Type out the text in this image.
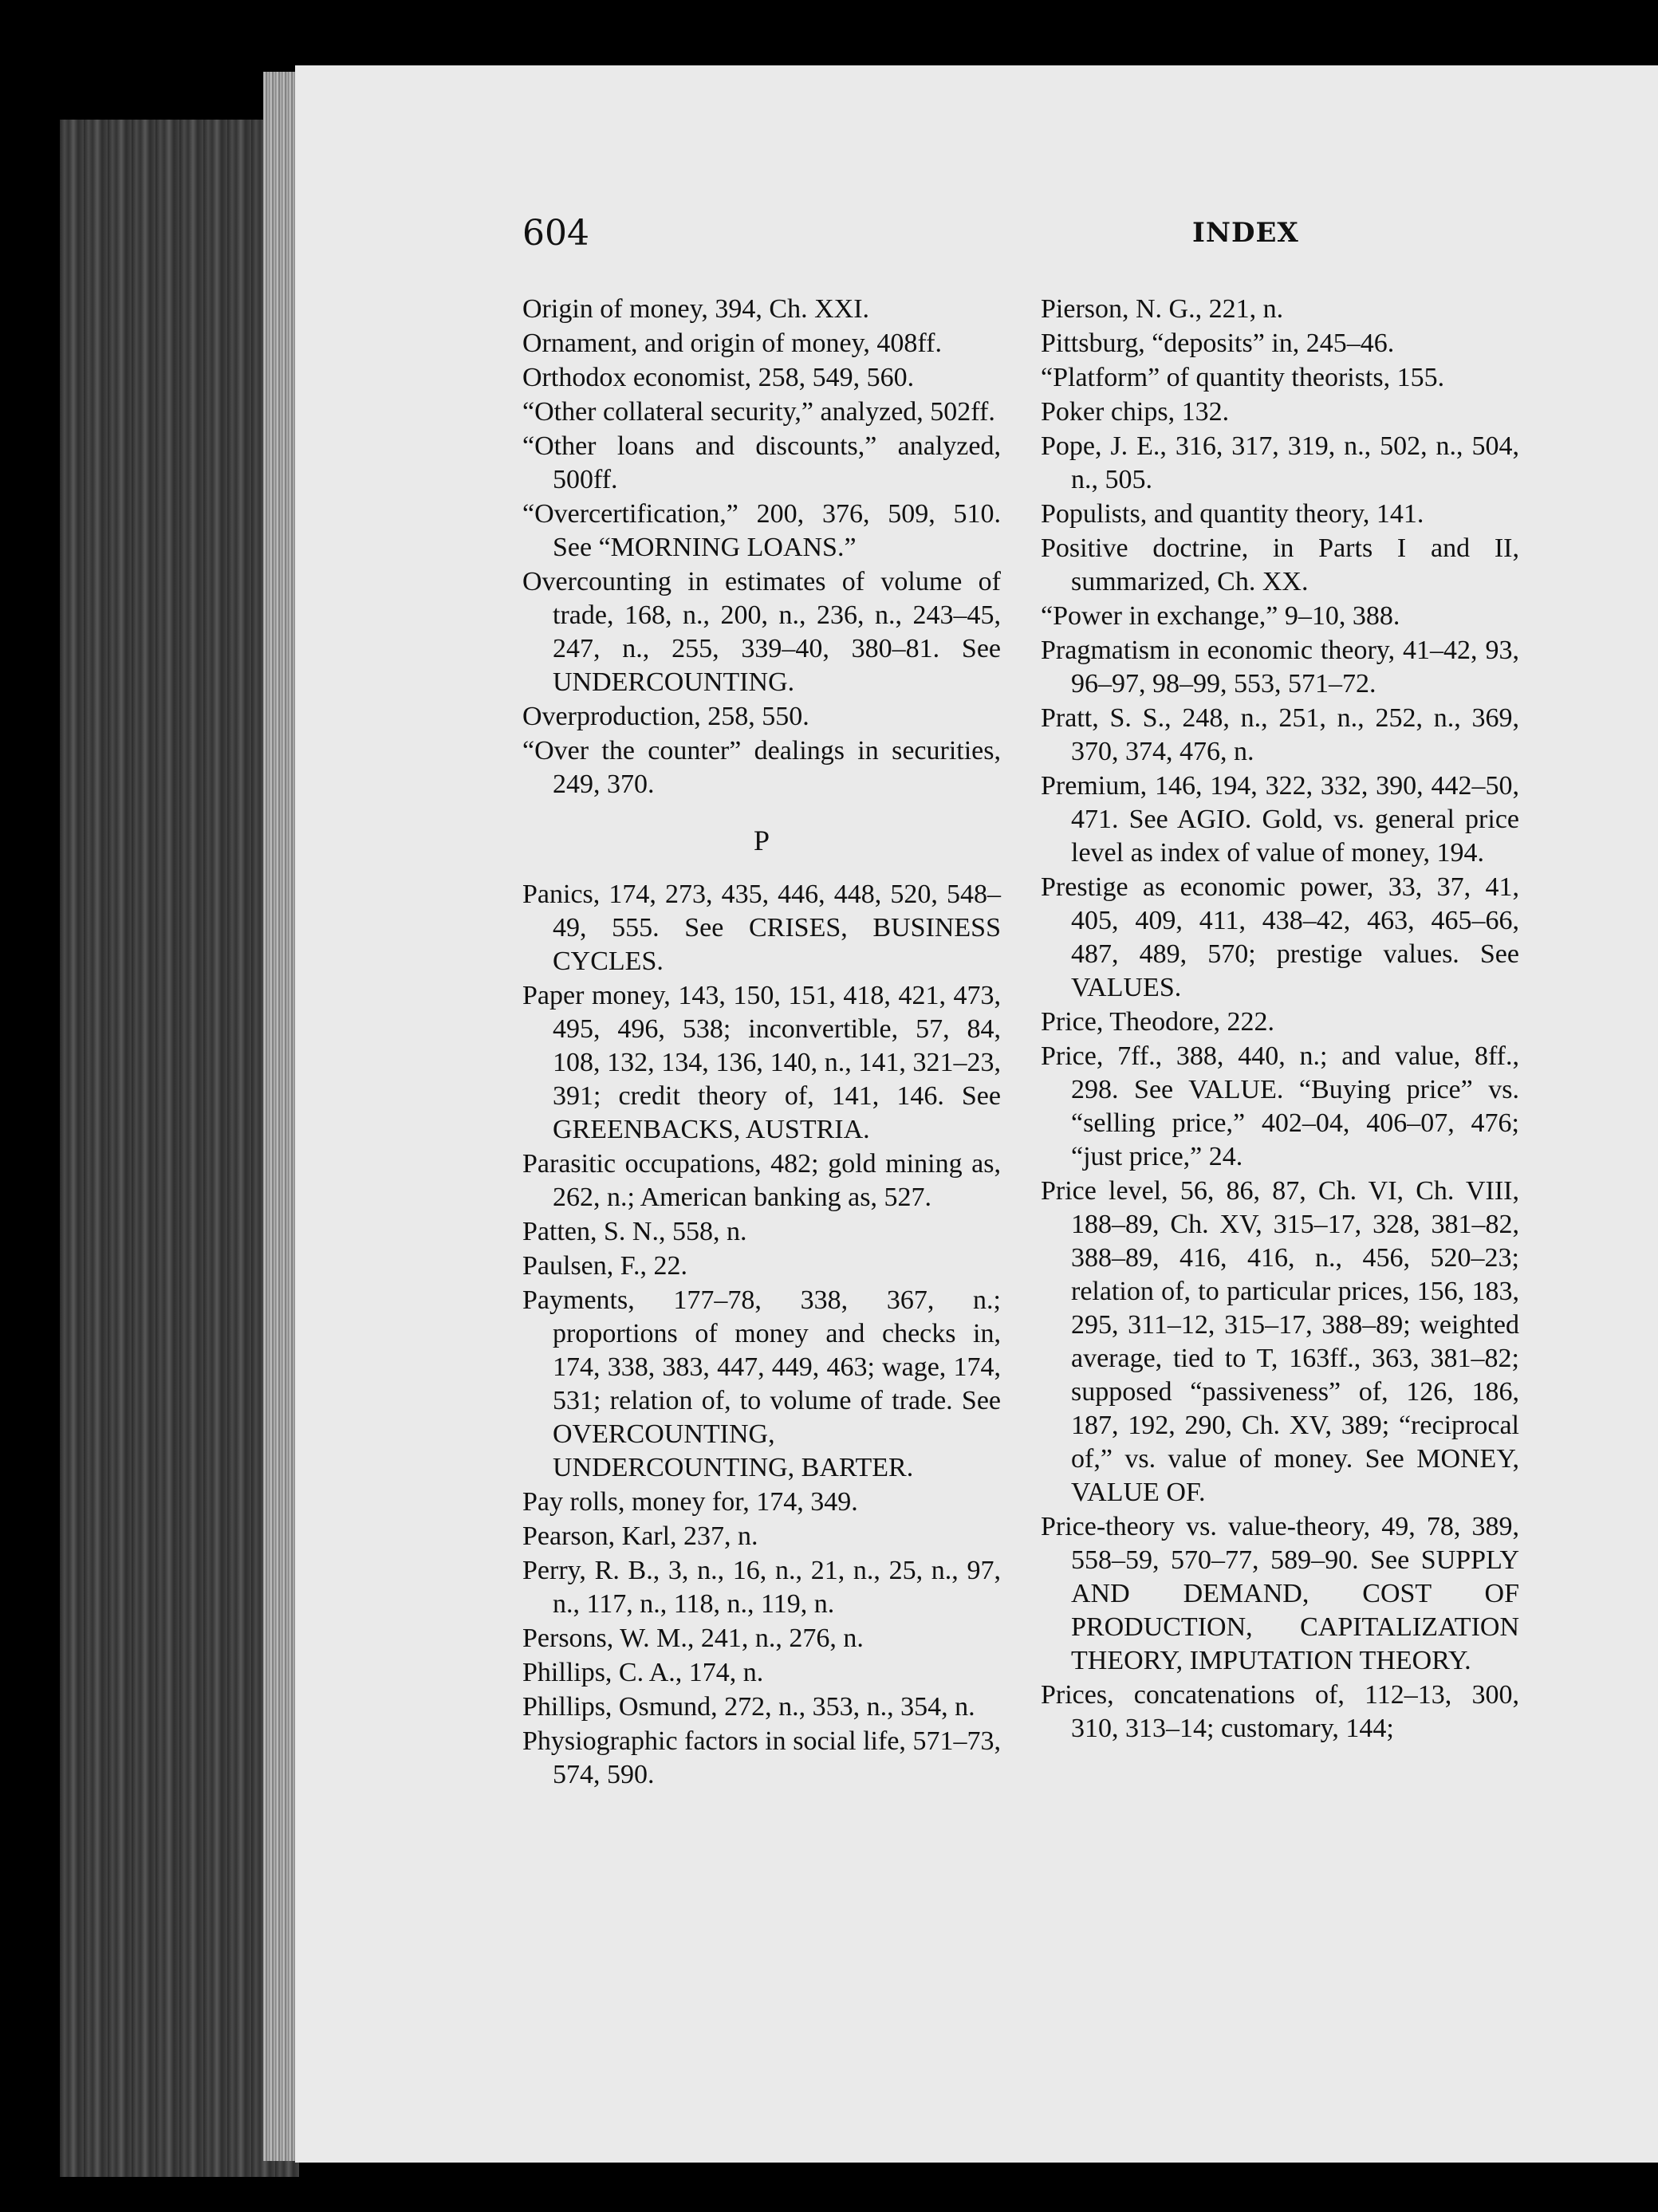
604	INDEX

Origin of money, 394, Ch. XXI.

Ornament, and origin of money, 408ff.

Orthodox economist, 258, 549, 560.

“Other collateral security,” analyzed, 502ff.

“Other loans and discounts,” analyzed, 500ff.

“Overcertification,” 200, 376, 509, 510. See “MORNING LOANS.”

Overcounting in estimates of volume of trade, 168, n., 200, n., 236, n., 243–45, 247, n., 255, 339–40, 380–81. See UNDERCOUNTING.

Overproduction, 258, 550.

“Over the counter” dealings in securities, 249, 370.

P

Panics, 174, 273, 435, 446, 448, 520, 548–49, 555. See CRISES, BUSINESS CYCLES.

Paper money, 143, 150, 151, 418, 421, 473, 495, 496, 538; inconvertible, 57, 84, 108, 132, 134, 136, 140, n., 141, 321–23, 391; credit theory of, 141, 146. See GREENBACKS, AUSTRIA.

Parasitic occupations, 482; gold mining as, 262, n.; American banking as, 527.

Patten, S. N., 558, n.

Paulsen, F., 22.

Payments, 177–78, 338, 367, n.; proportions of money and checks in, 174, 338, 383, 447, 449, 463; wage, 174, 531; relation of, to volume of trade. See OVERCOUNTING, UNDERCOUNTING, BARTER.

Pay rolls, money for, 174, 349.

Pearson, Karl, 237, n.

Perry, R. B., 3, n., 16, n., 21, n., 25, n., 97, n., 117, n., 118, n., 119, n.

Persons, W. M., 241, n., 276, n.

Phillips, C. A., 174, n.

Phillips, Osmund, 272, n., 353, n., 354, n.

Physiographic factors in social life, 571–73, 574, 590.

Pierson, N. G., 221, n.

Pittsburg, “deposits” in, 245–46.

“Platform” of quantity theorists, 155.

Poker chips, 132.

Pope, J. E., 316, 317, 319, n., 502, n., 504, n., 505.

Populists, and quantity theory, 141.

Positive doctrine, in Parts I and II, summarized, Ch. XX.

“Power in exchange,” 9–10, 388.

Pragmatism in economic theory, 41–42, 93, 96–97, 98–99, 553, 571–72.

Pratt, S. S., 248, n., 251, n., 252, n., 369, 370, 374, 476, n.

Premium, 146, 194, 322, 332, 390, 442–50, 471. See AGIO. Gold, vs. general price level as index of value of money, 194.

Prestige as economic power, 33, 37, 41, 405, 409, 411, 438–42, 463, 465–66, 487, 489, 570; prestige values. See VALUES.

Price, Theodore, 222.

Price, 7ff., 388, 440, n.; and value, 8ff., 298. See VALUE. “Buying price” vs. “selling price,” 402–04, 406–07, 476; “just price,” 24.

Price level, 56, 86, 87, Ch. VI, Ch. VIII, 188–89, Ch. XV, 315–17, 328, 381–82, 388–89, 416, 416, n., 456, 520–23; relation of, to particular prices, 156, 183, 295, 311–12, 315–17, 388–89; weighted average, tied to T, 163ff., 363, 381–82; supposed “passiveness” of, 126, 186, 187, 192, 290, Ch. XV, 389; “reciprocal of,” vs. value of money. See MONEY, VALUE OF.

Price-theory vs. value-theory, 49, 78, 389, 558–59, 570–77, 589–90. See SUPPLY AND DEMAND, COST OF PRODUCTION, CAPITALIZATION THEORY, IMPUTATION THEORY.

Prices, concatenations of, 112–13, 300, 310, 313–14; customary, 144;
